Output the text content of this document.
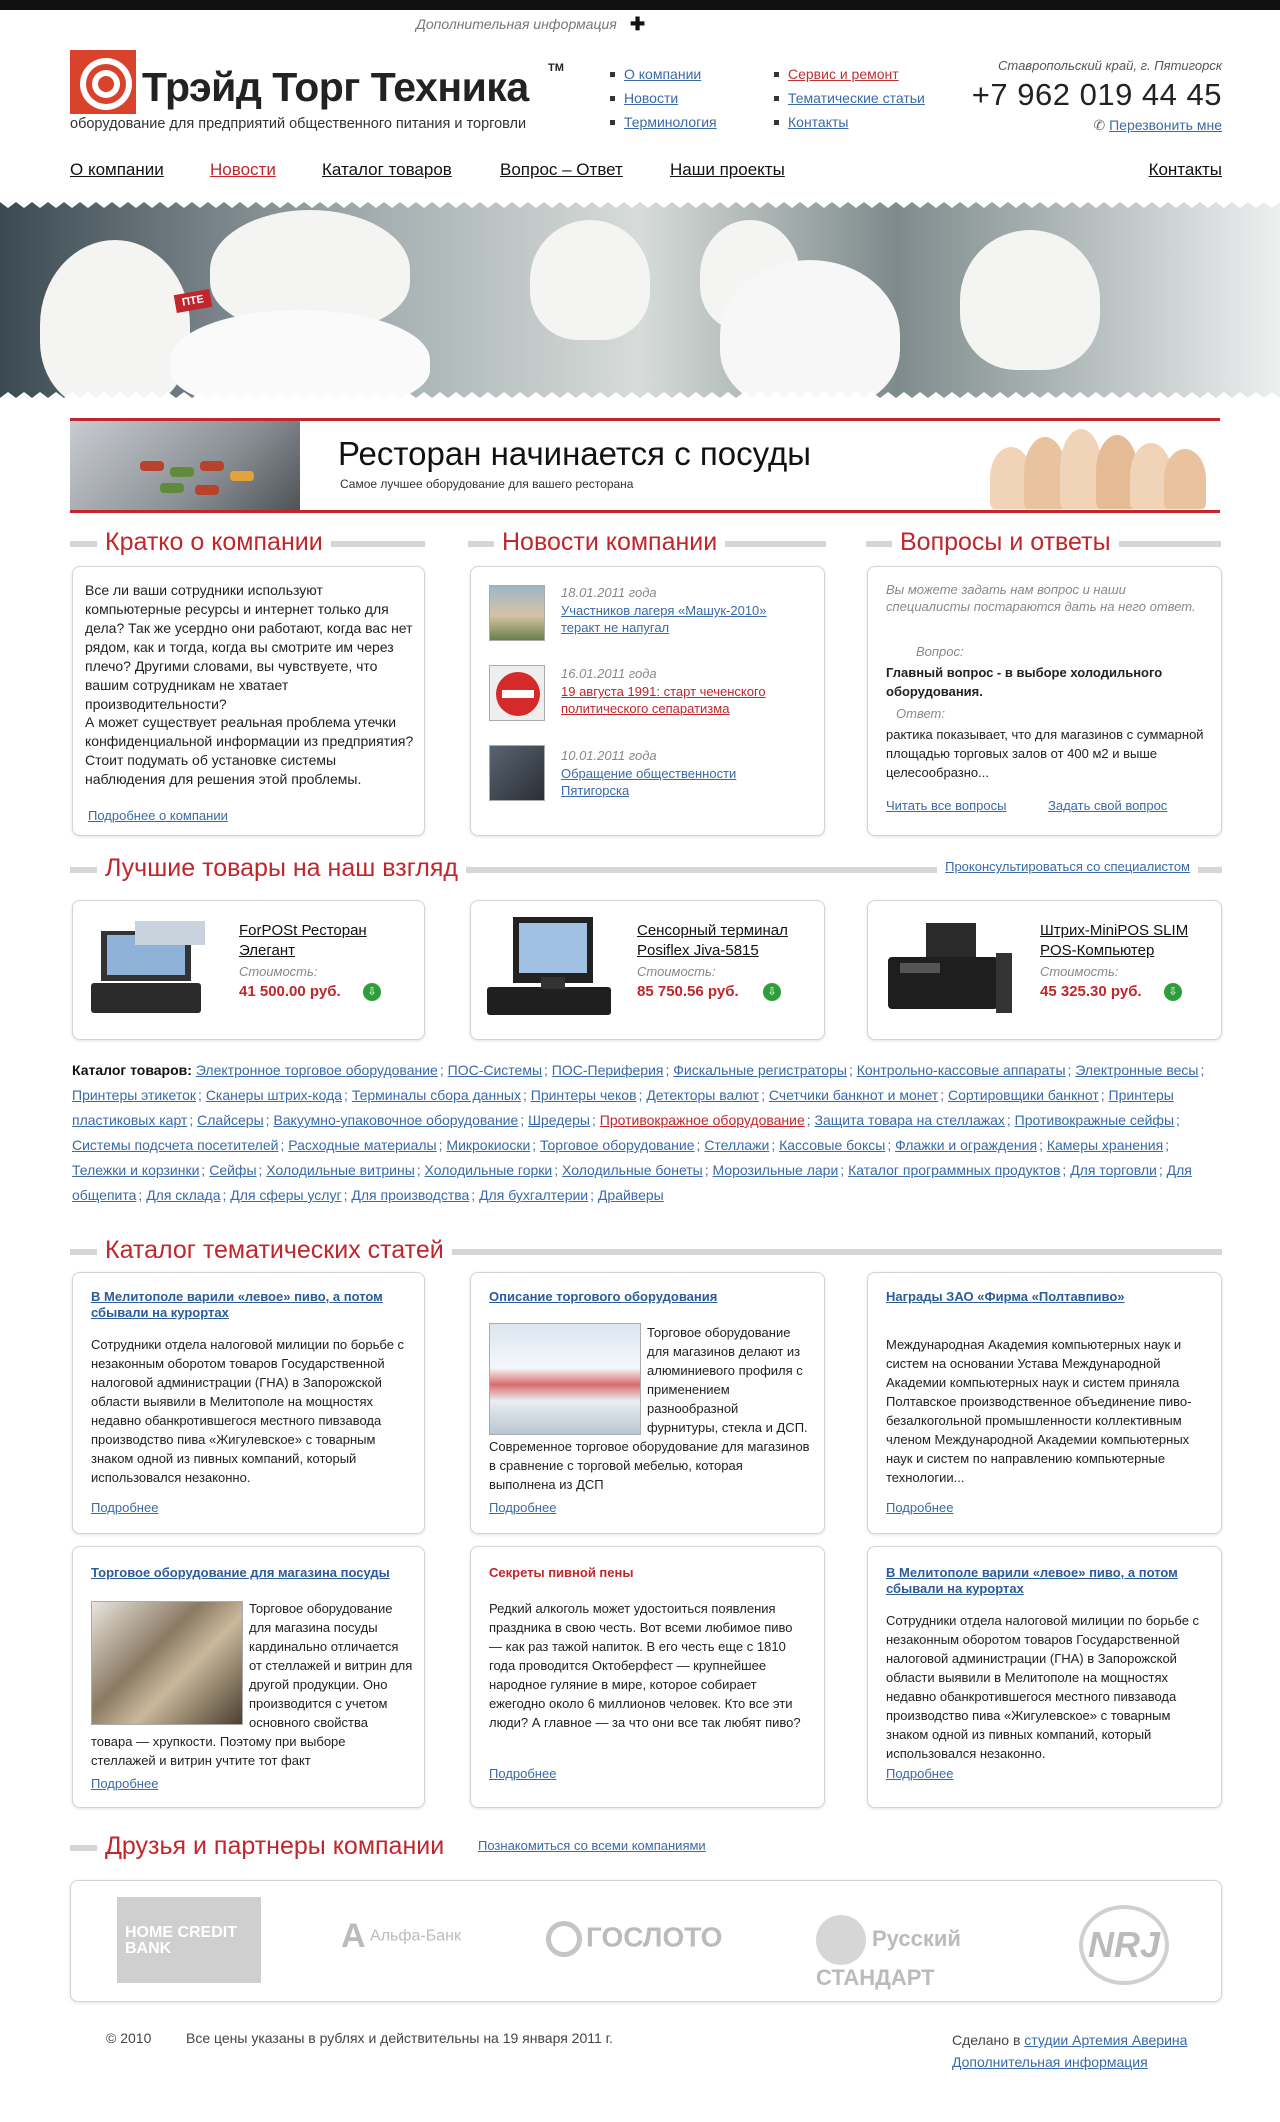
Дополнительная информация ✚
Трэйд Торг Техника TM
оборудование для предприятий общественного питания и торговли
О компании
Новости
Терминология
Сервис и ремонт
Тематические статьи
Контакты
Ставропольский край, г. Пятигорск
+7 962 019 44 45
✆ Перезвонить мне
О компании	Новости	Каталог товаров	Вопрос – Ответ	Наши проекты	Контакты
ПТЕ
Ресторан начинается с посуды
Самое лучшее оборудование для вашего ресторана
Кратко о компании	Новости компании	Вопросы и ответы

Все ли ваши сотрудники используют компьютерные ресурсы и интернет только для дела? Так же усердно они работают, когда вас нет рядом, как и тогда, когда вы смотрите им через плечо? Другими словами, вы чувствуете, что вашим сотрудникам не хватает производительности?

А может существует реальная проблема утечки конфиденциальной информации из предприятия? Стоит подумать об установке системы наблюдения для решения этой проблемы.

Подробнее о компании
18.01.2011 года
Участников лагеря «Машук-2010» теракт не напугал
16.01.2011 года
19 августа 1991: старт чеченского политического сепаратизма
10.01.2011 года
Обращение общественности Пятигорска

Вы можете задать нам вопрос и наши специалисты постараются дать на него ответ.

Вопрос:

Главный вопрос - в выборе холодильного оборудования.

Ответ:

рактика показывает, что для магазинов с суммарной площадью торговых залов от 400 м2 и выше целесообразно...

Читать все вопросы	Задать свой вопрос
Лучшие товары на наш взгляд	Проконсультироваться со специалистом
ForPOSt Ресторан Элегант
Стоимость:
41 500.00 руб.	⇩
Сенсорный терминал Posiflex Jiva-5815
Стоимость:
85 750.56 руб.	⇩
Штрих-MiniPOS SLIM POS-Компьютер
Стоимость:
45 325.30 руб.	⇩
Каталог товаров: Электронное торговое оборудование ; ПОС-Системы ; ПОС-Периферия ; Фискальные регистраторы ; Контрольно-кассовые аппараты ; Электронные весы ; Принтеры этикеток ; Сканеры штрих-кода ; Терминалы сбора данных ; Принтеры чеков ; Детекторы валют ; Счетчики банкнот и монет ; Сортировщики банкнот ; Принтеры пластиковых карт ; Слайсеры ; Вакуумно-упаковочное оборудование ; Шредеры ; Противокражное оборудование ; Защита товара на стеллажах ; Противокражные сейфы ; Системы подсчета посетителей ; Расходные материалы ; Микрокиоски ; Торговое оборудование ; Стеллажи ; Кассовые боксы ; Флажки и ограждения ; Камеры хранения ; Тележки и корзинки ; Сейфы ; Холодильные витрины ; Холодильные горки ; Холодильные бонеты ; Морозильные лари ; Каталог программных продуктов ; Для торговли ; Для общепита ; Для склада ; Для сферы услуг ; Для производства ; Для бухгалтерии ; Драйверы
Каталог тематических статей
В Мелитополе варили «левое» пиво, а потом сбывали на курортах

Сотрудники отдела налоговой милиции по борьбе с незаконным оборотом товаров Государственной налоговой администрации (ГНА) в Запорожской области выявили в Мелитополе на мощностях недавно обанкротившегося местного пивзавода производство пива «Жигулевское» с товарным знаком одной из пивных компаний, который использовался незаконно.

Подробнее
Описание торгового оборудования

Торговое оборудование для магазинов делают из алюминиевого профиля с применением разнообразной фурнитуры, стекла и ДСП. Современное торговое оборудование для магазинов в сравнение с торговой мебелью, которая выполнена из ДСП

Подробнее
Награды ЗАО «Фирма «Полтавпиво»

Международная Академия компьютерных наук и систем на основании Устава Международной Академии компьютерных наук и систем приняла Полтавское производственное объединение пиво-безалкогольной промышленности коллективным членом Международной Академии компьютерных наук и систем по направлению компьютерные технологии...

Подробнее
Торговое оборудование для магазина посуды

Торговое оборудование для магазина посуды кардинально отличается от стеллажей и витрин для другой продукции. Оно производится с учетом основного свойства товара — хрупкости. Поэтому при выборе стеллажей и витрин учтите тот факт

Подробнее
Секреты пивной пены

Редкий алкоголь может удостоиться появления праздника в свою честь. Вот всеми любимое пиво — как раз тажой напиток. В его честь еще с 1810 года проводится Октоберфест — крупнейшее народное гуляние в мире, которое собирает ежегодно около 6 миллионов человек. Кто все эти люди? А главное — за что они все так любят пиво?

Подробнее
В Мелитополе варили «левое» пиво, а потом сбывали на курортах

Сотрудники отдела налоговой милиции по борьбе с незаконным оборотом товаров Государственной налоговой администрации (ГНА) в Запорожской области выявили в Мелитополе на мощностях недавно обанкротившегося местного пивзавода производство пива «Жигулевское» с товарным знаком одной из пивных компаний, который использовался незаконно.

Подробнее
Друзья и партнеры компании	Познакомиться со всеми компаниями
HOME CREDIT BANK	А Альфа-Банк	ГОСЛОТО	Русский СТАНДАРТ
NRJ
© 2010 Все цены указаны в рублях и действительны на 19 января 2011 г.	Сделано в студии Артемия Аверина
Дополнительная информация
